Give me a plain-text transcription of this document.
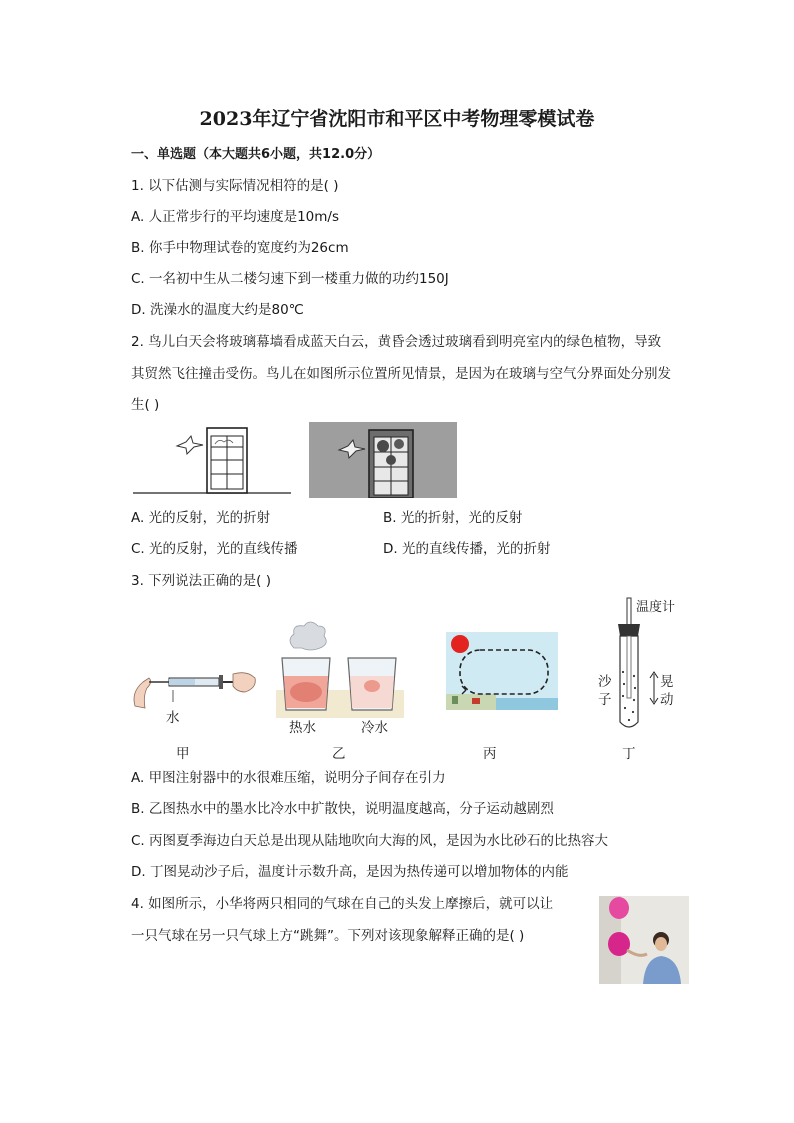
2023年辽宁省沈阳市和平区中考物理零模试卷
一、单选题（本大题共6小题，共12.0分）
1. 以下估测与实际情况相符的是( )
A. 人正常步行的平均速度是10m/s
B. 你手中物理试卷的宽度约为26cm
C. 一名初中生从二楼匀速下到一楼重力做的功约150J
D. 洗澡水的温度大约是80℃
2. 鸟儿白天会将玻璃幕墙看成蓝天白云，黄昏会透过玻璃看到明亮室内的绿色植物，导致
其贸然飞往撞击受伤。鸟儿在如图所示位置所见情景，是因为在玻璃与空气分界面处分别发
生( )
A. 光的反射，光的折射	B. 光的折射，光的反射
C. 光的反射，光的直线传播	D. 光的直线传播，光的折射
3. 下列说法正确的是( )
水
热水	冷水
温度计
沙
子
晃
动
甲	乙	丙	丁
A. 甲图注射器中的水很难压缩，说明分子间存在引力
B. 乙图热水中的墨水比冷水中扩散快，说明温度越高，分子运动越剧烈
C. 丙图夏季海边白天总是出现从陆地吹向大海的风，是因为水比砂石的比热容大
D. 丁图晃动沙子后，温度计示数升高，是因为热传递可以增加物体的内能
4. 如图所示，小华将两只相同的气球在自己的头发上摩擦后，就可以让
一只气球在另一只气球上方“跳舞”。下列对该现象解释正确的是( )
